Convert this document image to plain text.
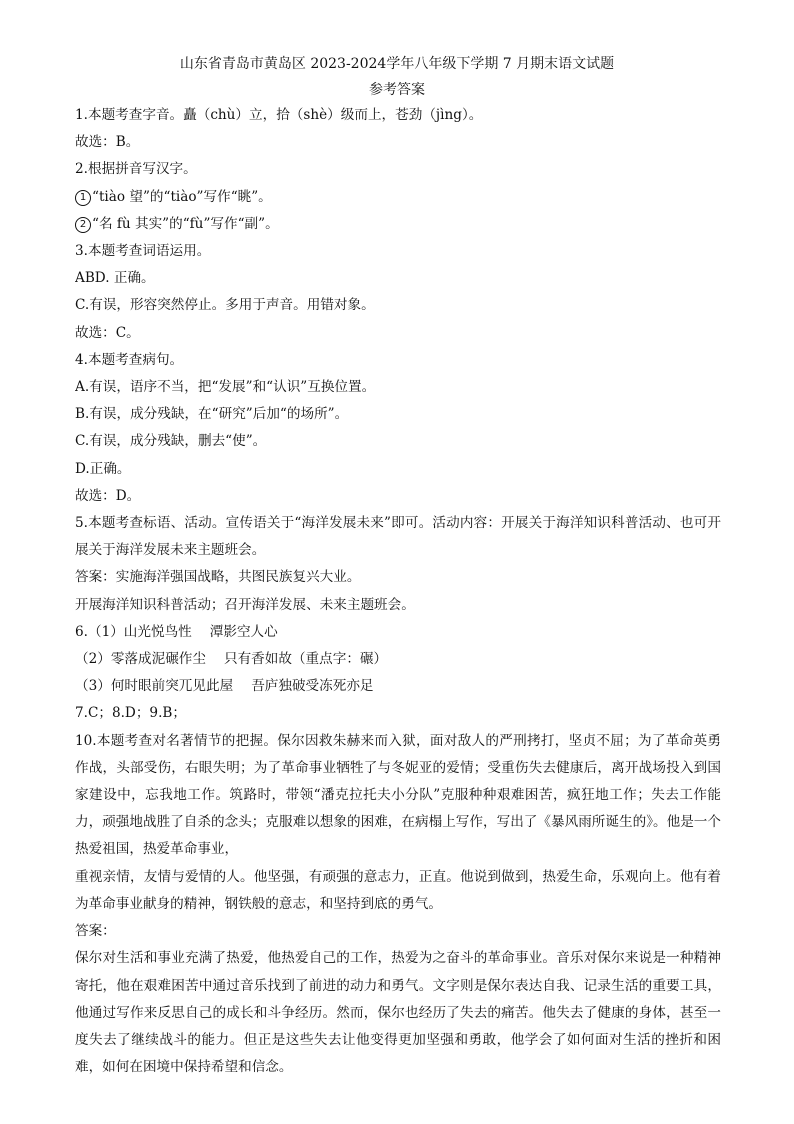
山东省青岛市黄岛区 2023-2024学年八年级下学期 7 月期末语文试题
参考答案

1.本题考查字音。矗（chù）立，拾（shè）级而上，苍劲（jìng）。

故选：B。

2.根据拼音写汉字。

1 “tiào 望”的“tiào”写作“眺”。

2 “名 fù 其实”的“fù”写作“副”。

3.本题考查词语运用。

ABD. 正确。

C.有误，形容突然停止。多用于声音。用错对象。

故选：C。

4.本题考查病句。

A.有误，语序不当，把“发展”和“认识”互换位置。

B.有误，成分残缺，在“研究”后加“的场所”。

C.有误，成分残缺，删去“使”。

D.正确。

故选：D。

5.本题考查标语、活动。宣传语关于“海洋发展未来”即可。活动内容：开展关于海洋知识科普活动、也可开展关于海洋发展未来主题班会。

答案：实施海洋强国战略，共图民族复兴大业。

开展海洋知识科普活动；召开海洋发展、未来主题班会。

6.（1）山光悦鸟性 潭影空人心

（2）零落成泥碾作尘 只有香如故（重点字：碾）

（3）何时眼前突兀见此屋 吾庐独破受冻死亦足

7.C；8.D；9.B；

10.本题考查对名著情节的把握。保尔因救朱赫来而入狱，面对敌人的严刑拷打，坚贞不屈；为了革命英勇作战，头部受伤，右眼失明；为了革命事业牺牲了与冬妮亚的爱情；受重伤失去健康后，离开战场投入到国家建设中，忘我地工作。筑路时，带领“潘克拉托夫小分队”克服种种艰难困苦，疯狂地工作；失去工作能力，顽强地战胜了自杀的念头；克服难以想象的困难，在病榻上写作，写出了《暴风雨所诞生的》。他是一个热爱祖国，热爱革命事业，

重视亲情，友情与爱情的人。他坚强，有顽强的意志力，正直。他说到做到，热爱生命，乐观向上。他有着为革命事业献身的精神，钢铁般的意志，和坚持到底的勇气。

答案：

保尔对生活和事业充满了热爱，他热爱自己的工作，热爱为之奋斗的革命事业。音乐对保尔来说是一种精神寄托，他在艰难困苦中通过音乐找到了前进的动力和勇气。文字则是保尔表达自我、记录生活的重要工具，他通过写作来反思自己的成长和斗争经历。然而，保尔也经历了失去的痛苦。他失去了健康的身体，甚至一度失去了继续战斗的能力。但正是这些失去让他变得更加坚强和勇敢，他学会了如何面对生活的挫折和困难，如何在困境中保持希望和信念。
